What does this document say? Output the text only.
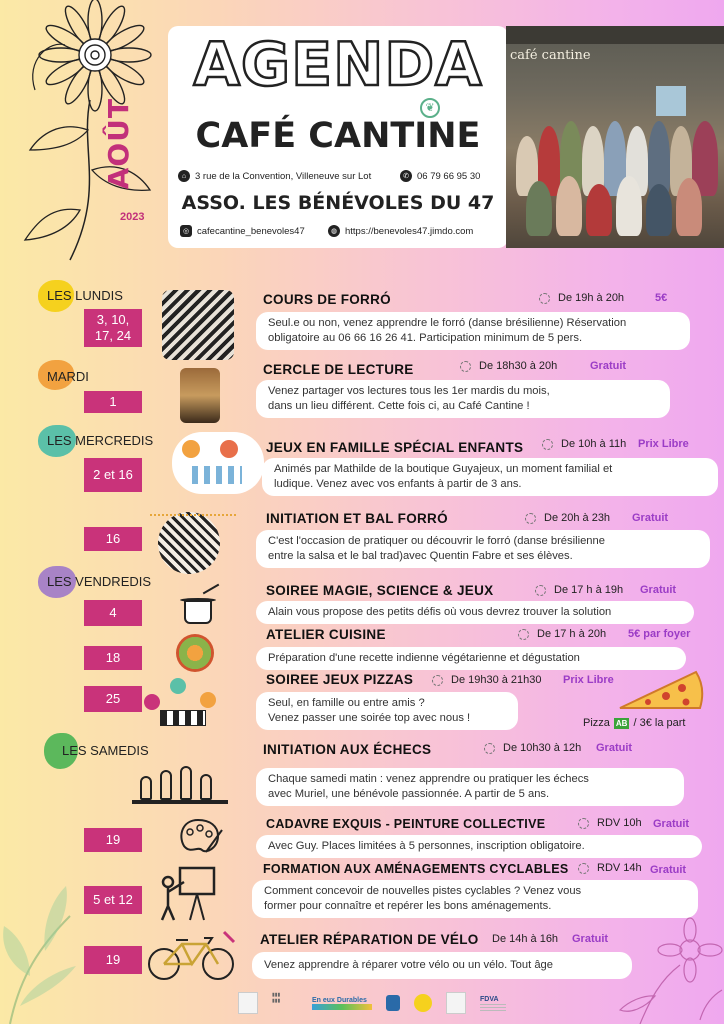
AOÛT
2023
AGENDA
❦
CAFÉ CANTINE
⌂ 3 rue de la Convention, Villeneuve sur Lot	✆ 06 79 66 95 30
ASSO. LES BÉNÉVOLES DU 47
◎ cafecantine_benevoles47	◍ https://benevoles47.jimdo.com
café cantine
LES LUNDIS
3, 10, 17, 24
COURS DE FORRÓ	De 19h à 20h	5€
Seul.e ou non, venez apprendre le forró (danse brésilienne) Réservation
obligatoire au 06 66 16 26 41. Participation minimum de 5 pers.
MARDI
1
CERCLE DE LECTURE	De 18h30 à 20h	Gratuit
Venez partager vos lectures tous les 1er mardis du mois,
dans un lieu différent. Cette fois ci, au Café Cantine !
LES MERCREDIS
2 et 16
JEUX EN FAMILLE SPÉCIAL ENFANTS	De 10h à 11h Prix Libre
Animés par Mathilde de la boutique Guyajeux, un moment familial et
ludique. Venez avec vos enfants à partir de 3 ans.
16
INITIATION ET BAL FORRÓ	De 20h à 23h Gratuit
C'est l'occasion de pratiquer ou découvrir le forró (danse brésilienne
entre la salsa et le bal trad)avec Quentin Fabre et ses élèves.
LES VENDREDIS
4
SOIREE MAGIE, SCIENCE & JEUX	De 17 h à 19h Gratuit
Alain vous propose des petits défis où vous devrez trouver la solution
18
ATELIER CUISINE	De 17 h à 20h 5€ par foyer
Préparation d'une recette indienne végétarienne et dégustation
25
SOIREE JEUX PIZZAS	De 19h30 à 21h30 Prix Libre
Seul, en famille ou entre amis ?
Venez passer une soirée top avec nous !	Pizza AB / 3€ la part
LES SAMEDIS	INITIATION AUX ÉCHECS	De 10h30 à 12h Gratuit
Chaque samedi matin : venez apprendre ou pratiquer les échecs
avec Muriel, une bénévole passionnée. A partir de 5 ans.
19
CADAVRE EXQUIS - PEINTURE COLLECTIVE	RDV 10h Gratuit
Avec Guy. Places limitées à 5 personnes, inscription obligatoire.
5 et 12
FORMATION AUX AMÉNAGEMENTS CYCLABLES	RDV 14h Gratuit
Comment concevoir de nouvelles pistes cyclables ? Venez vous
former pour connaître et repérer les bons aménagements.
19
ATELIER RÉPARATION DE VÉLO De 14h à 16h Gratuit
Venez apprendre à réparer votre vélo ou un vélo. Tout âge
▮▮▮
▮▮▮	En eux Durables	FDVA
